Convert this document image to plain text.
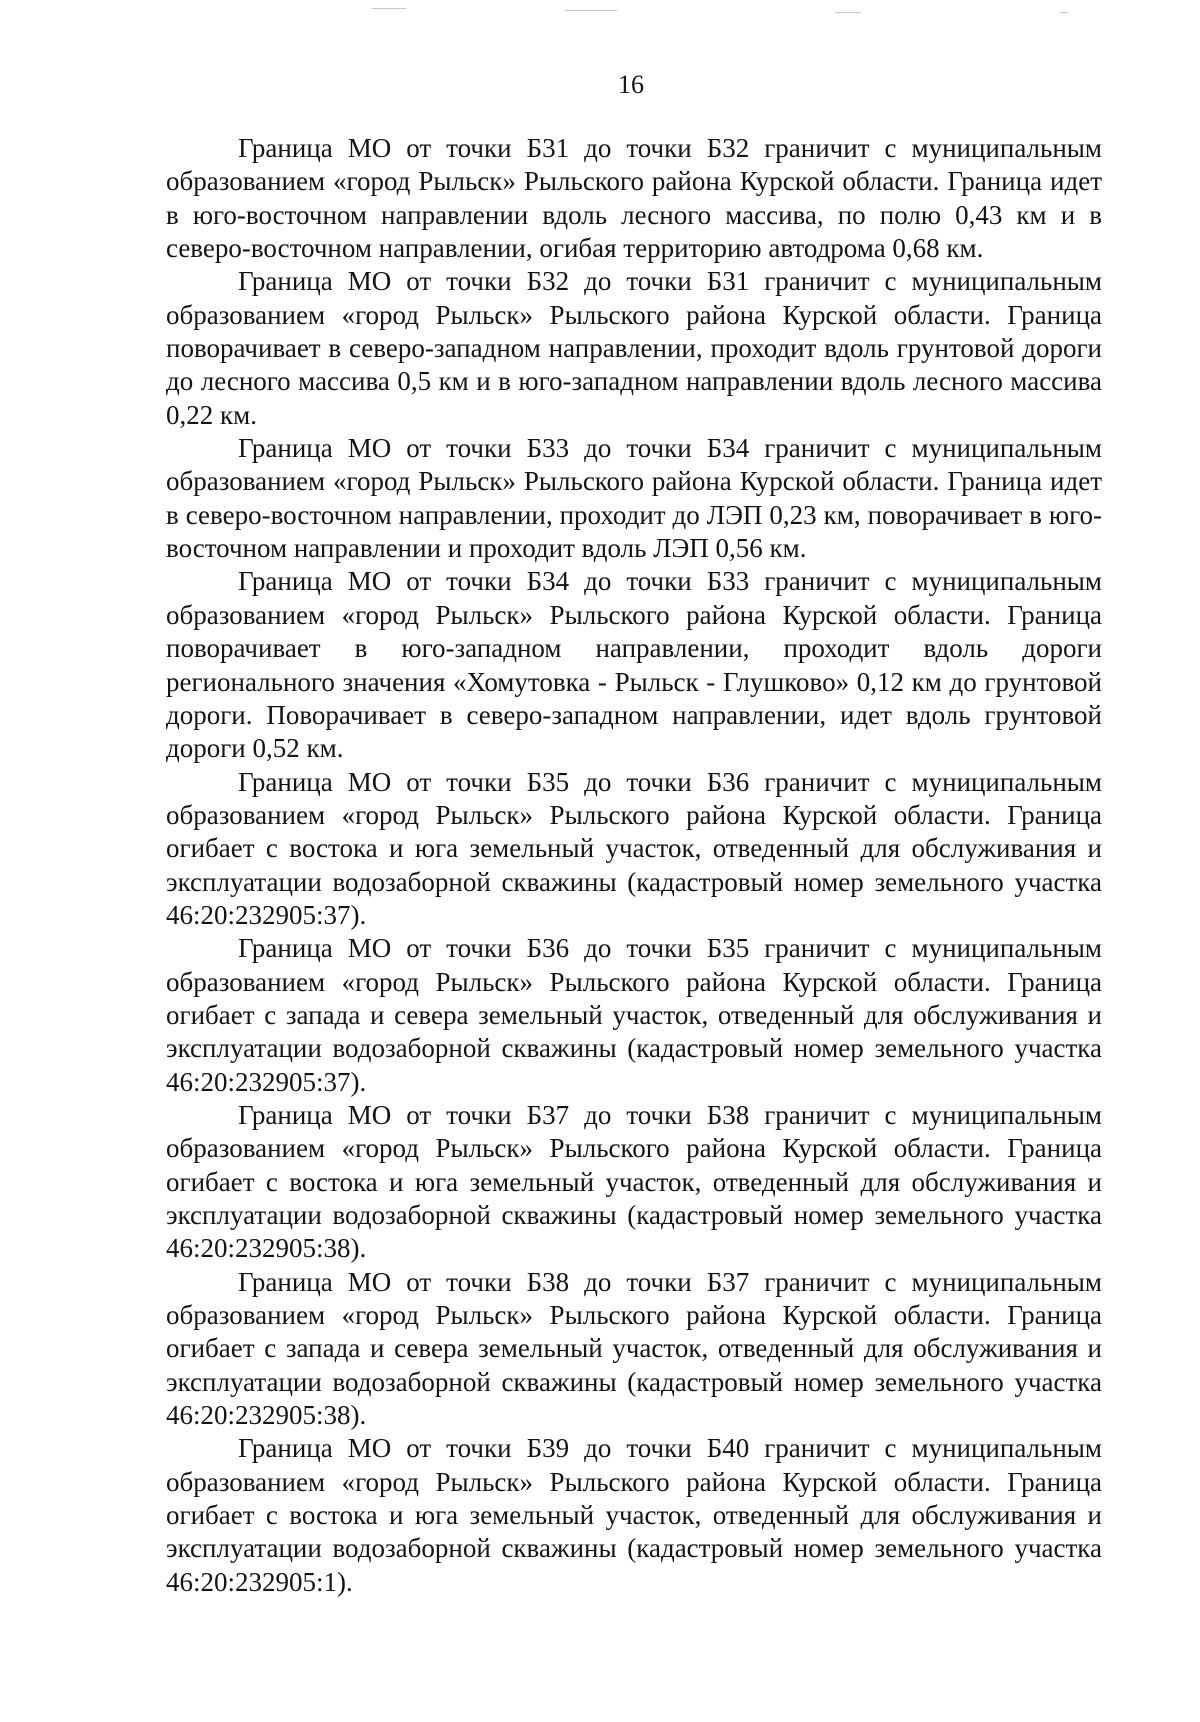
16

Граница МО от точки Б31 до точки Б32 граничит с муниципальным образованием «город Рыльск» Рыльского района Курской области. Граница идет в юго-восточном направлении вдоль лесного массива, по полю 0,43 км и в северо-восточном направлении, огибая территорию автодрома 0,68 км.

Граница МО от точки Б32 до точки Б31 граничит с муниципальным образованием «город Рыльск» Рыльского района Курской области. Граница поворачивает в северо-западном направлении, проходит вдоль грунтовой дороги до лесного массива 0,5 км и в юго-западном направлении вдоль лесного массива 0,22 км.

Граница МО от точки Б33 до точки Б34 граничит с муниципальным образованием «город Рыльск» Рыльского района Курской области. Граница идет в северо-восточном направлении, проходит до ЛЭП 0,23 км, поворачивает в юго-восточном направлении и проходит вдоль ЛЭП 0,56 км.

Граница МО от точки Б34 до точки Б33 граничит с муниципальным образованием «город Рыльск» Рыльского района Курской области. Граница поворачивает в юго-западном направлении, проходит вдоль дороги регионального значения «Хомутовка - Рыльск - Глушково» 0,12 км до грунтовой дороги. Поворачивает в северо-западном направлении, идет вдоль грунтовой дороги 0,52 км.

Граница МО от точки Б35 до точки Б36 граничит с муниципальным образованием «город Рыльск» Рыльского района Курской области. Граница огибает с востока и юга земельный участок, отведенный для обслуживания и эксплуатации водозаборной скважины (кадастровый номер земельного участка 46:20:232905:37).

Граница МО от точки Б36 до точки Б35 граничит с муниципальным образованием «город Рыльск» Рыльского района Курской области. Граница огибает с запада и севера земельный участок, отведенный для обслуживания и эксплуатации водозаборной скважины (кадастровый номер земельного участка 46:20:232905:37).

Граница МО от точки Б37 до точки Б38 граничит с муниципальным образованием «город Рыльск» Рыльского района Курской области. Граница огибает с востока и юга земельный участок, отведенный для обслуживания и эксплуатации водозаборной скважины (кадастровый номер земельного участка 46:20:232905:38).

Граница МО от точки Б38 до точки Б37 граничит с муниципальным образованием «город Рыльск» Рыльского района Курской области. Граница огибает с запада и севера земельный участок, отведенный для обслуживания и эксплуатации водозаборной скважины (кадастровый номер земельного участка 46:20:232905:38).

Граница МО от точки Б39 до точки Б40 граничит с муниципальным образованием «город Рыльск» Рыльского района Курской области. Граница огибает с востока и юга земельный участок, отведенный для обслуживания и эксплуатации водозаборной скважины (кадастровый номер земельного участка 46:20:232905:1).
